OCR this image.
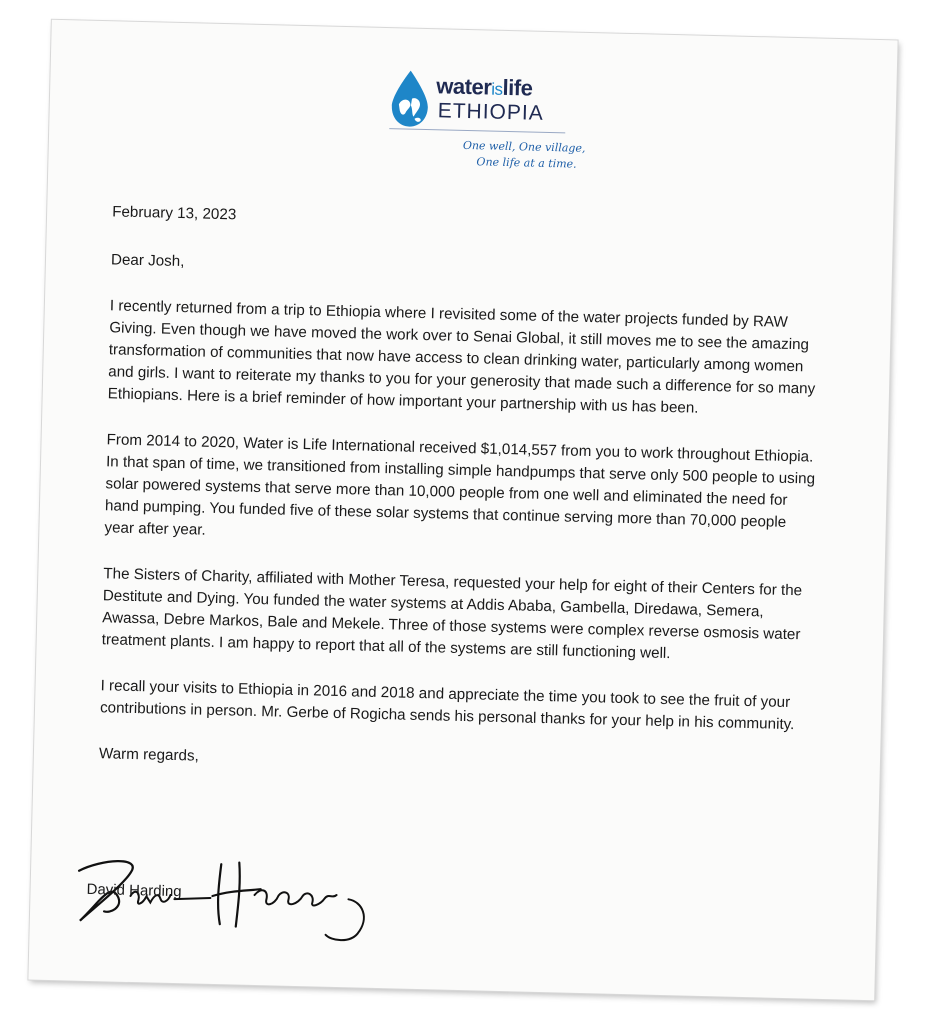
waterislife
ETHIOPIA
One well, One village,
One life at a time.

February 13, 2023

Dear Josh,

I recently returned from a trip to Ethiopia where I revisited some of the water projects funded by RAW Giving. Even though we have moved the work over to Senai Global, it still moves me to see the amazing transformation of communities that now have access to clean drinking water, particularly among women and girls. I want to reiterate my thanks to you for your generosity that made such a difference for so many Ethiopians. Here is a brief reminder of how important your partnership with us has been.

From 2014 to 2020, Water is Life International received $1,014,557 from you to work throughout Ethiopia. In that span of time, we transitioned from installing simple handpumps that serve only 500 people to using solar powered systems that serve more than 10,000 people from one well and eliminated the need for hand pumping. You funded five of these solar systems that continue serving more than 70,000 people year after year.

The Sisters of Charity, affiliated with Mother Teresa, requested your help for eight of their Centers for the Destitute and Dying. You funded the water systems at Addis Ababa, Gambella, Diredawa, Semera, Awassa, Debre Markos, Bale and Mekele. Three of those systems were complex reverse osmosis water treatment plants. I am happy to report that all of the systems are still functioning well.

I recall your visits to Ethiopia in 2016 and 2018 and appreciate the time you took to see the fruit of your contributions in person. Mr. Gerbe of Rogicha sends his personal thanks for your help in his community.

Warm regards,

David Harding
